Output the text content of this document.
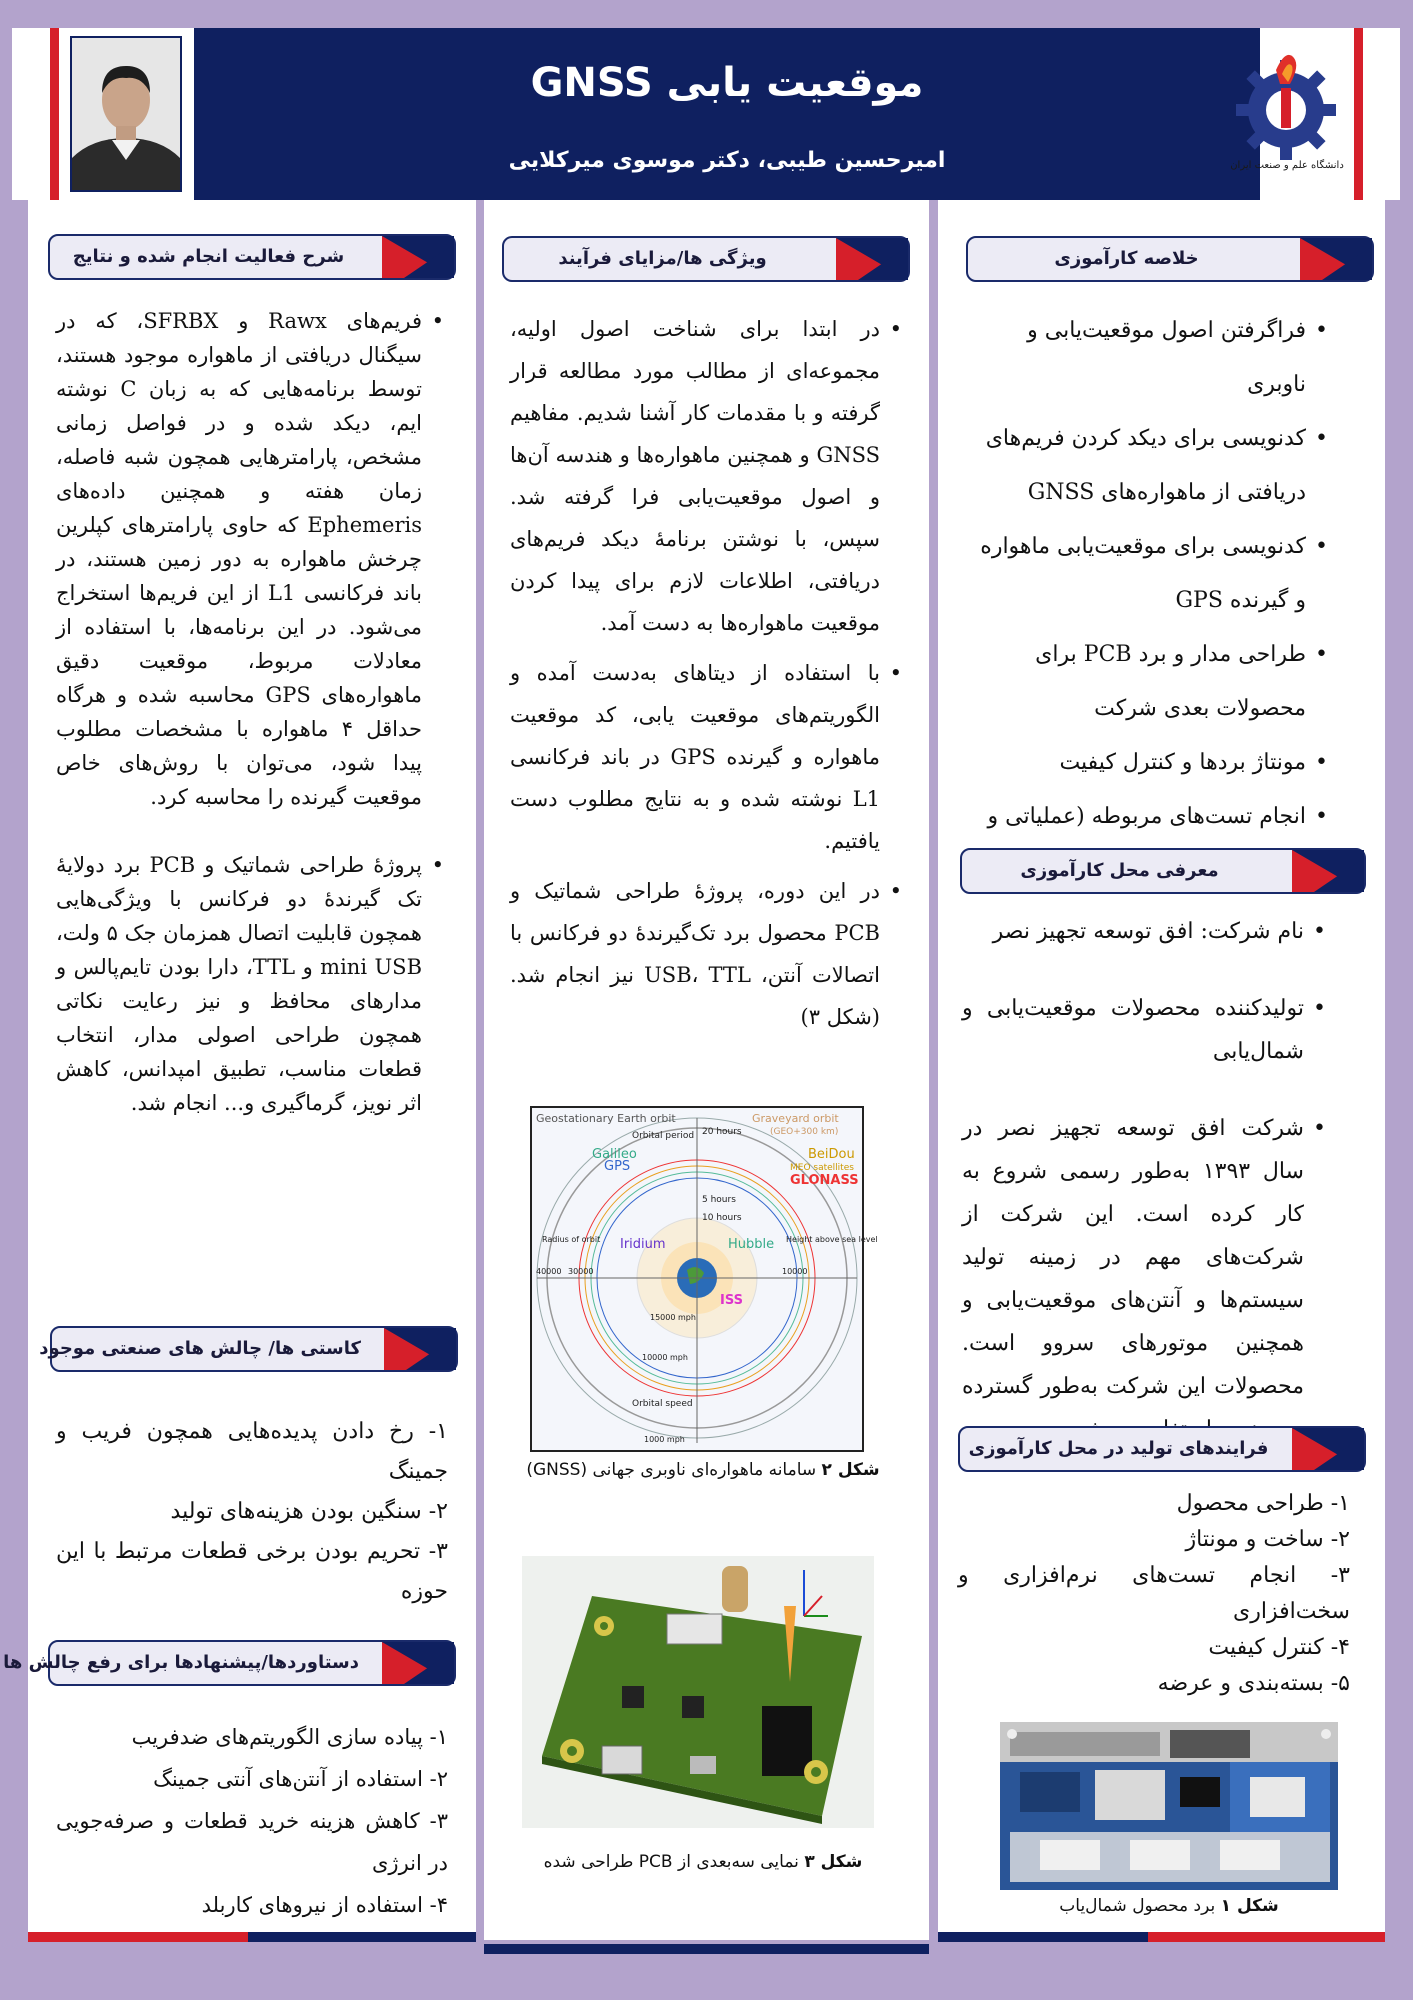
موقعیت یابی GNSS
امیرحسین طیبی، دکتر موسوی میرکلایی	دانشگاه علم و صنعت ایران
خلاصه کارآموزی

• فراگرفتن اصول موقعیت‌یابی و ناوبری

• کدنویسی برای دیکد کردن فریم‌های دریافتی از ماهواره‌های GNSS

• کدنویسی برای موقعیت‌یابی ماهواره و گیرنده GPS

• طراحی مدار و برد PCB برای محصولات بعدی شرکت

• مونتاژ بردها و کنترل کیفیت

• انجام تست‌های مربوطه (عملیاتی و

معرفی محل کارآموزی

• نام شرکت: افق توسعه تجهیز نصر

• تولیدکننده محصولات موقعیت‌یابی و شمال‌یابی

• شرکت افق توسعه تجهیز نصر در سال ۱۳۹۳ به‌طور رسمی شروع به کار کرده است. این شرکت از شرکت‌های مهم در زمینه تولید سیستم‌ها و آنتن‌های موقعیت‌یابی و همچنین موتورهای سروو است. محصولات این شرکت به‌طور گسترده

فرایندهای تولید در محل کارآموزی

۱- طراحی محصول

۲- ساخت و مونتاژ

۳- انجام تست‌های نرم‌افزاری و سخت‌افزاری

۴- کنترل کیفیت

۵- بسته‌بندی و عرضه

شکل ۱ برد محصول شمال‌یاب
ویژگی ها/مزایای فرآیند

• در ابتدا برای شناخت اصول اولیه، مجموعه‌ای از مطالب مورد مطالعه قرار گرفته و با مقدمات کار آشنا شدیم. مفاهیم GNSS و همچنین ماهواره‌ها و هندسه آن‌ها و اصول موقعیت‌یابی فرا گرفته شد. سپس، با نوشتن برنامهٔ دیکد فریم‌های دریافتی، اطلاعات لازم برای پیدا کردن موقعیت ماهواره‌ها به دست آمد.

• با استفاده از دیتاهای به‌دست آمده و الگوریتم‌های موقعیت یابی، کد موقعیت ماهواره و گیرنده GPS در باند فرکانسی L1 نوشته شده و به نتایج مطلوب دست یافتیم.

• در این دوره، پروژهٔ طراحی شماتیک و PCB محصول برد تک‌گیرندهٔ دو فرکانس با اتصالات آنتن، USB، TTL نیز انجام شد. (شکل ۳)

Geostationary Earth orbit	Graveyard orbit
(GEO+300 km)
Orbital period 20 hours
10 hours
5 hours
Galileo
GPS
BeiDou
MEO satellites
GLONASS
Iridium	Hubble
ISS
Radius of orbit	Height above sea level
40000 30000	10000
15000 mph
10000 mph
Orbital speed
1000 mph
شکل ۲ سامانه ماهواره‌ای ناوبری جهانی (GNSS)
شکل ۳ نمایی سه‌بعدی از PCB طراحی شده
شرح فعالیت انجام شده و نتایج

• فریم‌های Rawx و SFRBX، که در سیگنال دریافتی از ماهواره موجود هستند، توسط برنامه‌هایی که به زبان C نوشته ایم، دیکد شده و در فواصل زمانی مشخص، پارامترهایی همچون شبه فاصله، زمان هفته و همچنین داده‌های Ephemeris که حاوی پارامترهای کپلرین چرخش ماهواره به دور زمین هستند، در باند فرکانسی L1 از این فریم‌ها استخراج می‌شود. در این برنامه‌ها، با استفاده از معادلات مربوط، موقعیت دقیق ماهواره‌های GPS محاسبه شده و هرگاه حداقل ۴ ماهواره با مشخصات مطلوب پیدا شود، می‌توان با روش‌های خاص موقعیت گیرنده را محاسبه کرد.

• پروژهٔ طراحی شماتیک و PCB برد دولایهٔ تک گیرندهٔ دو فرکانس با ویژگی‌هایی همچون قابلیت اتصال همزمان جک ۵ ولت، mini USB و TTL، دارا بودن تایم‌پالس و مدارهای محافظ و نیز رعایت نکاتی همچون طراحی اصولی مدار، انتخاب قطعات مناسب، تطبیق امپدانس، کاهش اثر نویز، گرماگیری و... انجام شد.

کاستی ها/ چالش های صنعتی موجود

۱- رخ دادن پدیده‌هایی همچون فریب و جمینگ

۲- سنگین بودن هزینه‌های تولید

۳- تحریم بودن برخی قطعات مرتبط با این حوزه

دستاوردها/پیشنهادها برای رفع چالش ها

۱- پیاده سازی الگوریتم‌های ضدفریب

۲- استفاده از آنتن‌های آنتی جمینگ

۳- کاهش هزینه خرید قطعات و صرفه‌جویی در انرژی

۴- استفاده از نیروهای کاربلد
